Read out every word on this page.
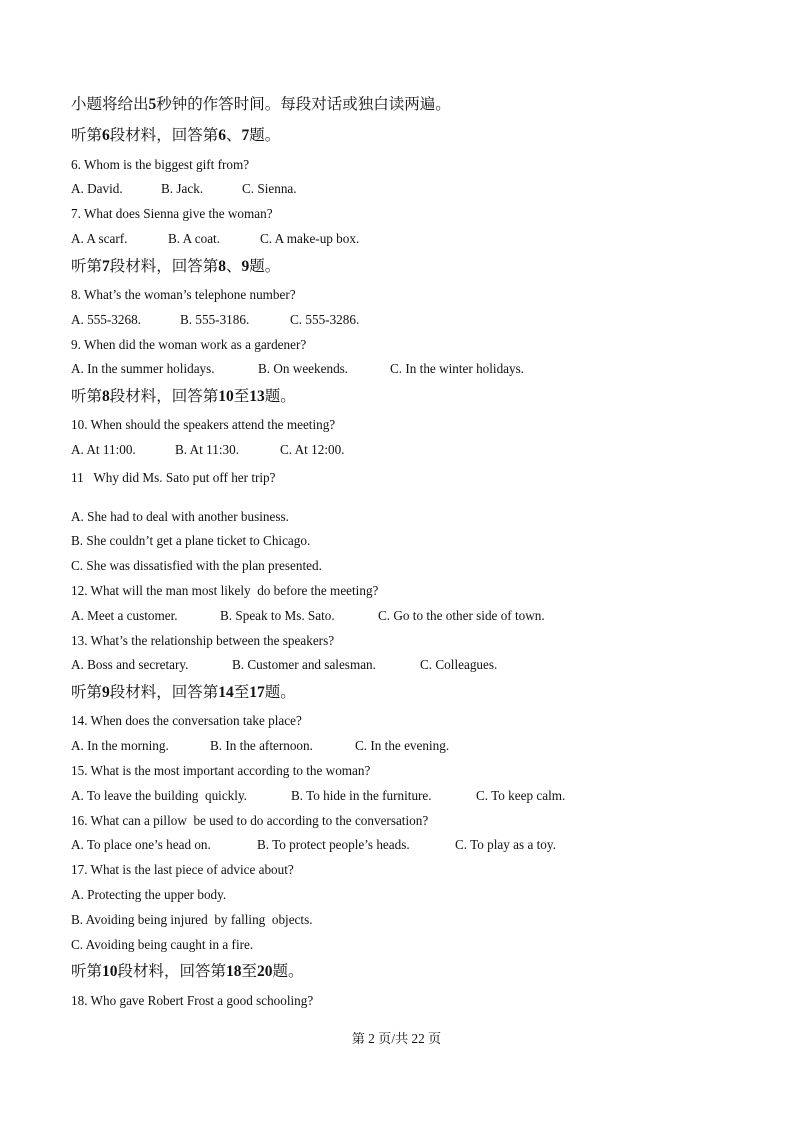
小题将给出5秒钟的作答时间。每段对话或独白读两遍。
听第6段材料，回答第6、7题。
6. Whom is the biggest gift from?

A. David.

	B. Jack.

	C. Sienna.

7. What does Sienna give the woman?

A. A scarf.

	B. A coat.

	C. A make-up box.

听第7段材料，回答第8、9题。
8. What’s the woman’s telephone number?

A. 555-3268.

	B. 555-3186.

	C. 555-3286.

9. When did the woman work as a gardener?

A. In the summer holidays.

	B. On weekends.

	C. In the winter holidays.

听第8段材料，回答第10至13题。
10. When should the speakers attend the meeting?

A. At 11:00.

	B. At 11:30.

	C. At 12:00.

11   Why did Ms. Sato put off her trip?
A. She had to deal with another business.
B. She couldn’t get a plane ticket to Chicago.
C. She was dissatisfied with the plan presented.
12. What will the man most likely  do before the meeting?

A. Meet a customer.

	B. Speak to Ms. Sato.

	C. Go to the other side of town.

13. What’s the relationship between the speakers?

A. Boss and secretary.

	B. Customer and salesman.

	C. Colleagues.

听第9段材料，回答第14至17题。
14. When does the conversation take place?

A. In the morning.

	B. In the afternoon.

	C. In the evening.

15. What is the most important according to the woman?

A. To leave the building  quickly.

	B. To hide in the furniture.

	C. To keep calm.

16. What can a pillow  be used to do according to the conversation?

A. To place one’s head on.

	B. To protect people’s heads.

	C. To play as a toy.

17. What is the last piece of advice about?
A. Protecting the upper body.
B. Avoiding being injured  by falling  objects.
C. Avoiding being caught in a fire.
听第10段材料，回答第18至20题。
18. Who gave Robert Frost a good schooling?
第 2 页/共 22 页
